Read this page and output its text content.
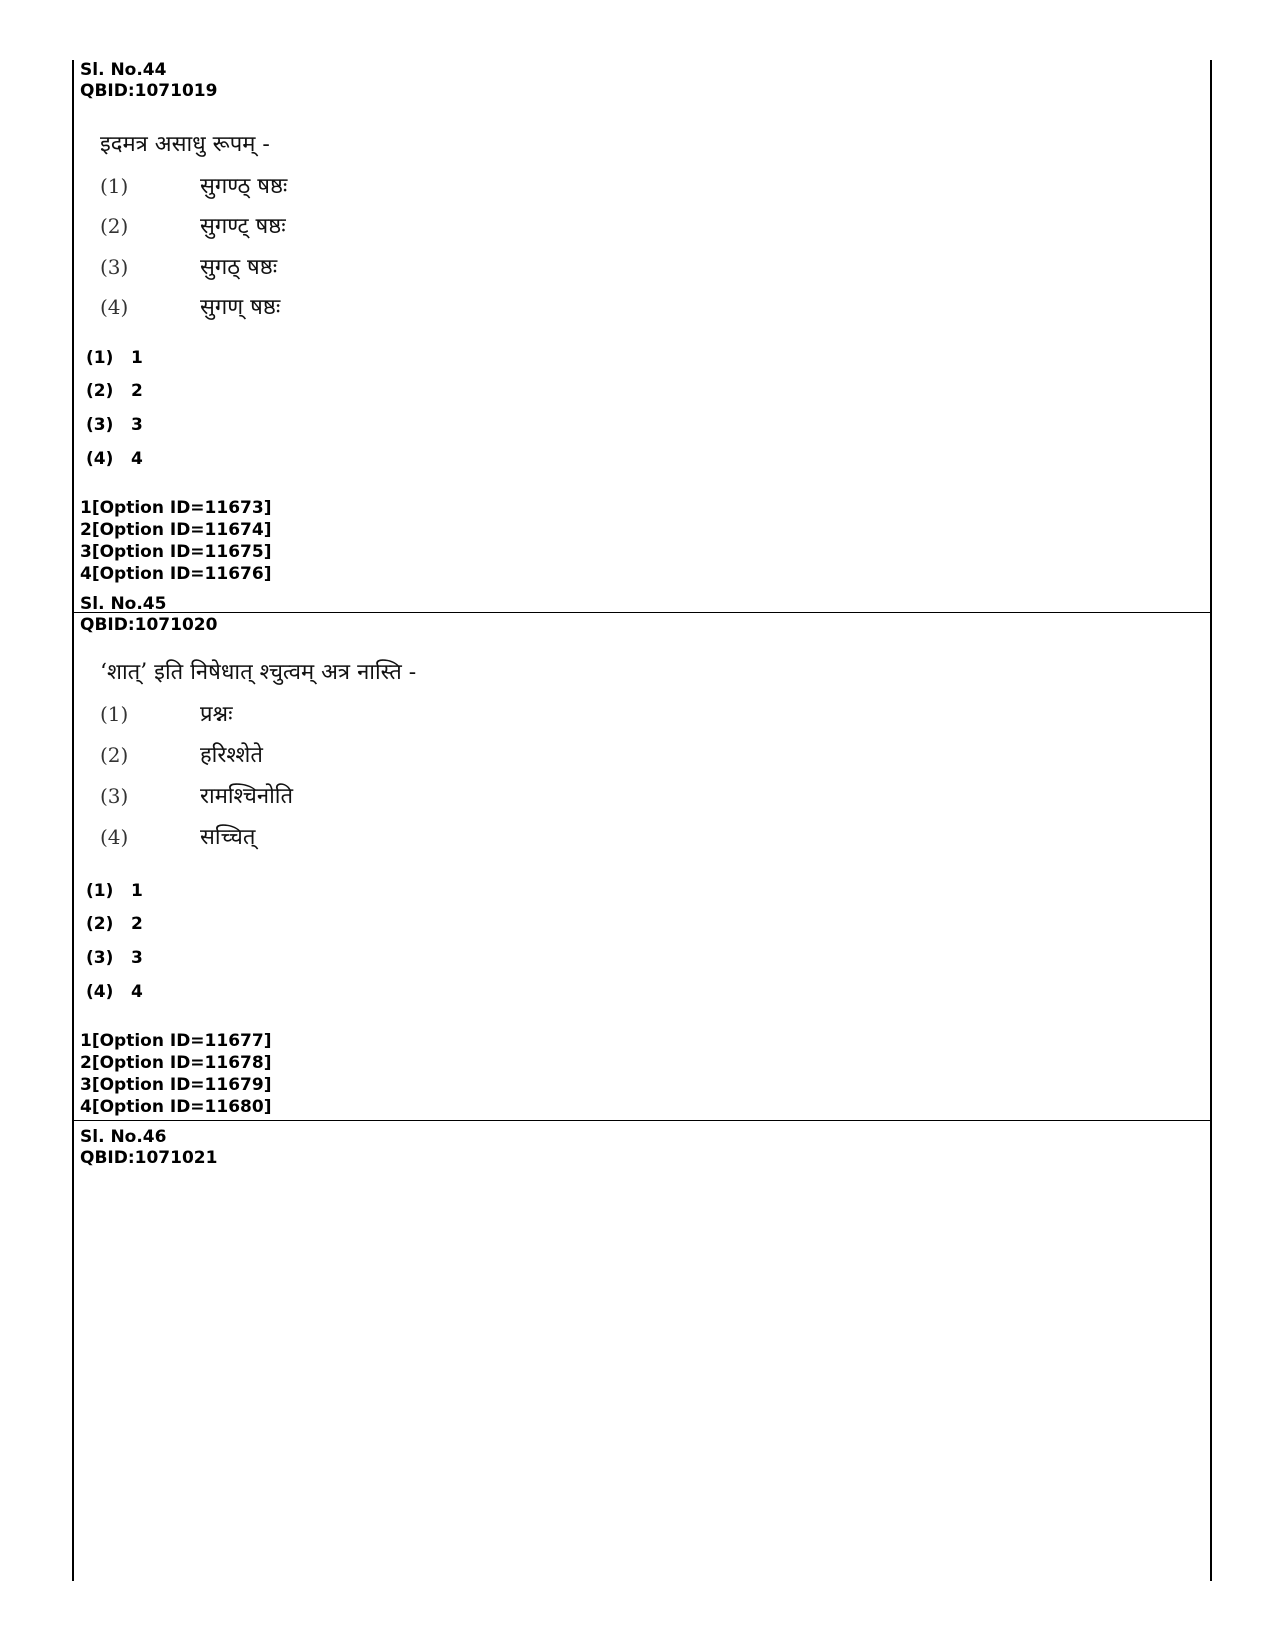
Sl. No.44
QBID:1071019
इदमत्र असाधु रूपम् -
(1)	सुगण्ठ् षष्ठः
(2)	सुगण्ट् षष्ठः
(3)	सुगठ् षष्ठः
(4)	सुगण् षष्ठः
(1) 1
(2) 2
(3) 3
(4) 4
1[Option ID=11673]
2[Option ID=11674]
3[Option ID=11675]
4[Option ID=11676]
Sl. No.45
QBID:1071020
‘शात्’ इति निषेधात् श्चुत्वम् अत्र नास्ति -
(1)	प्रश्नः
(2)	हरिश्शेते
(3)	रामश्चिनोति
(4)	सच्चित्
(1) 1
(2) 2
(3) 3
(4) 4
1[Option ID=11677]
2[Option ID=11678]
3[Option ID=11679]
4[Option ID=11680]
Sl. No.46
QBID:1071021
